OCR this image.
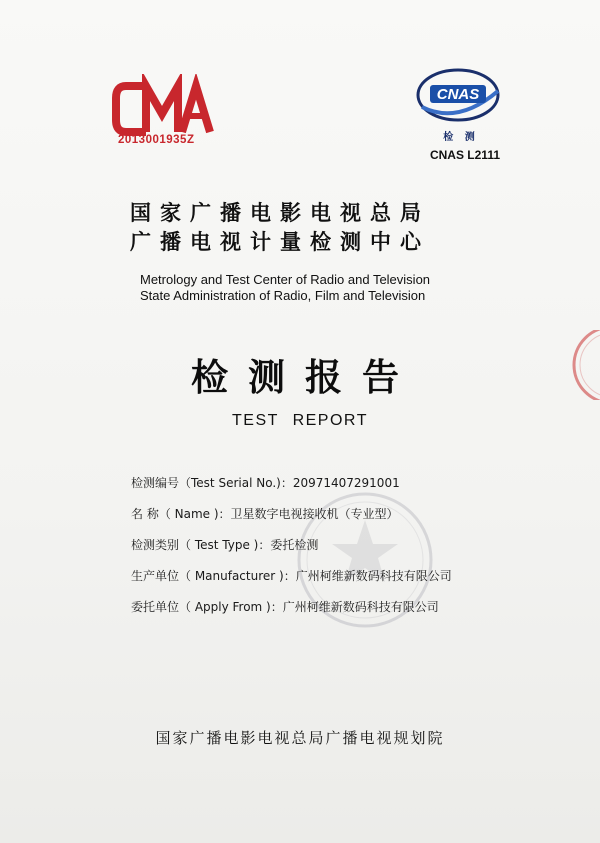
2013001935Z
CNAS
检 测
CNAS L2111
国家广播电影电视总局
广播电视计量检测中心
Metrology and Test Center of Radio and Television
State Administration of Radio, Film and Television
检测报告
TEST REPORT
检测编号（Test Serial No.)： 20971407291001
名 称（ Name )： 卫星数字电视接收机（专业型）
检测类别（ Test Type )： 委托检测
生产单位（ Manufacturer )： 广州柯维新数码科技有限公司
委托单位（ Apply From )： 广州柯维新数码科技有限公司
国家广播电影电视总局广播电视规划院
